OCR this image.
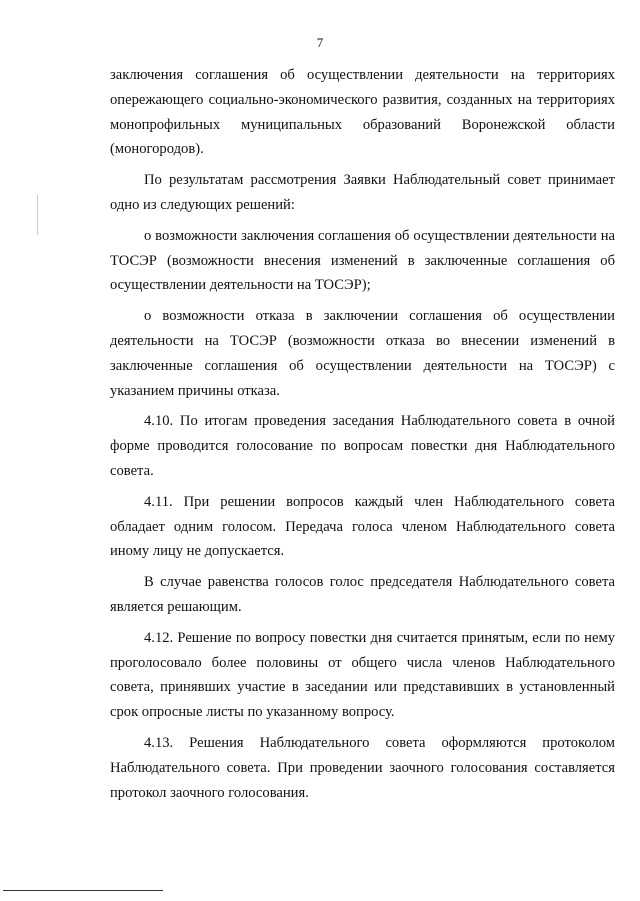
7

заключения соглашения об осуществлении деятельности на территориях опережающего социально-экономического развития, созданных на территориях монопрофильных муниципальных образований Воронежской области (моногородов).

По результатам рассмотрения Заявки Наблюдательный совет принимает одно из следующих решений:

о возможности заключения соглашения об осуществлении деятельности на ТОСЭР (возможности внесения изменений в заключенные соглашения об осуществлении деятельности на ТОСЭР);

о возможности отказа в заключении соглашения об осуществлении деятельности на ТОСЭР (возможности отказа во внесении изменений в заключенные соглашения об осуществлении деятельности на ТОСЭР) с указанием причины отказа.

4.10. По итогам проведения заседания Наблюдательного совета в очной форме проводится голосование по вопросам повестки дня Наблюдательного совета.

4.11. При решении вопросов каждый член Наблюдательного совета обладает одним голосом. Передача голоса членом Наблюдательного совета иному лицу не допускается.

В случае равенства голосов голос председателя Наблюдательного совета является решающим.

4.12. Решение по вопросу повестки дня считается принятым, если по нему проголосовало более половины от общего числа членов Наблюдательного совета, принявших участие в заседании или представивших в установленный срок опросные листы по указанному вопросу.

4.13. Решения Наблюдательного совета оформляются протоколом Наблюдательного совета. При проведении заочного голосования составляется протокол заочного голосования.
